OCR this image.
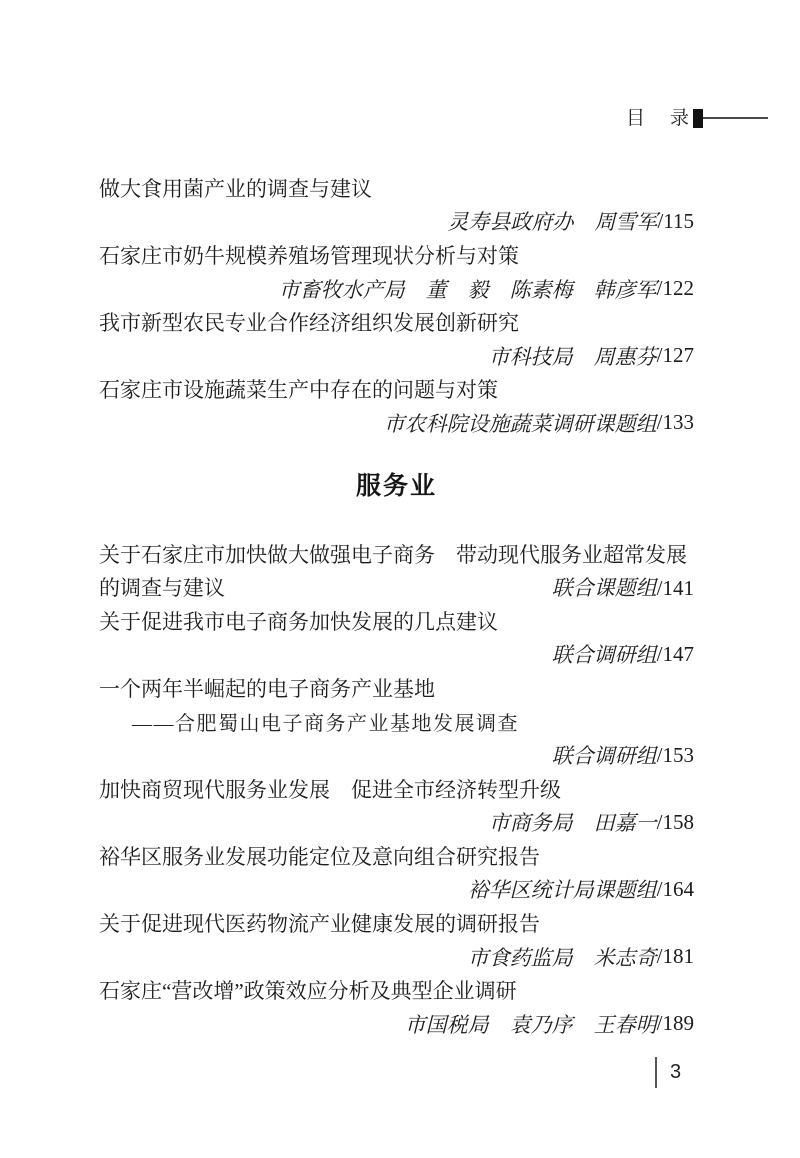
目　录
做大食用菌产业的调查与建议
灵寿县政府办　周雪军 /115
石家庄市奶牛规模养殖场管理现状分析与对策
市畜牧水产局　董　毅　陈素梅　韩彦军 /122
我市新型农民专业合作经济组织发展创新研究
市科技局　周惠芬 /127
石家庄市设施蔬菜生产中存在的问题与对策
市农科院设施蔬菜调研课题组 /133
服务业
关于石家庄市加快做大做强电子商务　带动现代服务业超常发展
的调查与建议	联合课题组/141
关于促进我市电子商务加快发展的几点建议
联合调研组 /147
一个两年半崛起的电子商务产业基地
——合肥蜀山电子商务产业基地发展调查
联合调研组 /153
加快商贸现代服务业发展　促进全市经济转型升级
市商务局　田嘉一 /158
裕华区服务业发展功能定位及意向组合研究报告
裕华区统计局课题组 /164
关于促进现代医药物流产业健康发展的调研报告
市食药监局　米志奇 /181
石家庄“营改增”政策效应分析及典型企业调研
市国税局　袁乃序　王春明 /189
3
